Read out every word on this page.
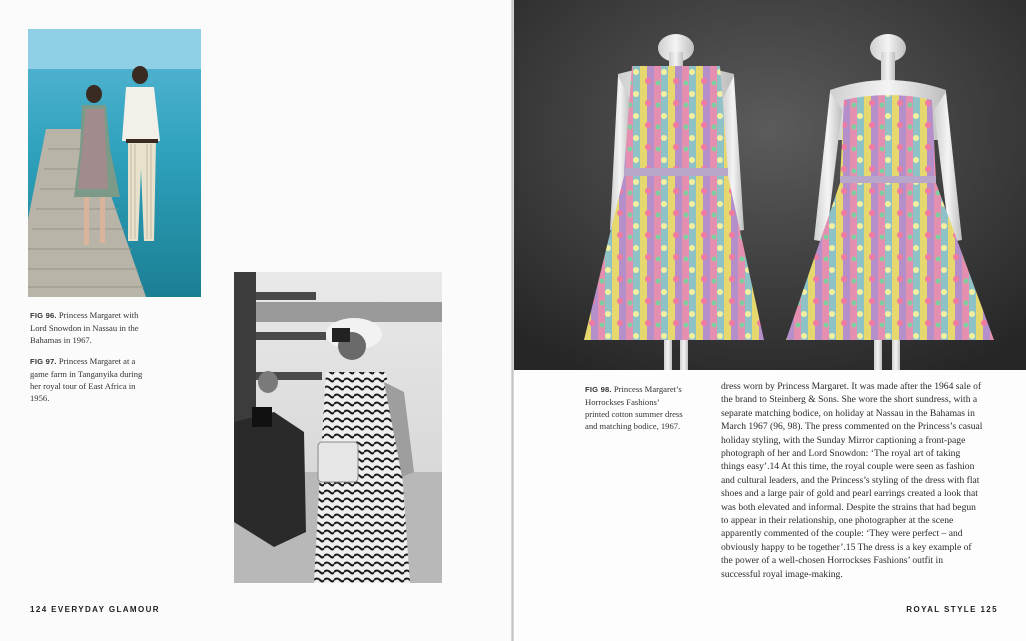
FIG 96. Princess Margaret with Lord Snowdon in Nassau in the Bahamas in 1967.

FIG 97. Princess Margaret at a game farm in Tanganyika during her royal tour of East Africa in 1956.

FIG 98. Princess Margaret’s Horrockses Fashions’ printed cotton summer dress and matching bodice, 1967.

dress worn by Princess Margaret. It was made after the 1964 sale of the brand to Steinberg & Sons. She wore the short sundress, with a separate matching bodice, on holiday at Nassau in the Bahamas in March 1967 (96, 98). The press commented on the Princess’s casual holiday styling, with the Sunday Mirror captioning a front-page photograph of her and Lord Snowdon: ‘The royal art of taking things easy’.14 At this time, the royal couple were seen as fashion and cultural leaders, and the Princess’s styling of the dress with flat shoes and a large pair of gold and pearl earrings created a look that was both elevated and informal. Despite the strains that had begun to appear in their relationship, one photographer at the scene apparently commented of the couple: ‘They were perfect – and obviously happy to be together’.15 The dress is a key example of the power of a well-chosen Horrockses Fashions’ outfit in successful royal image-making.

124 EVERYDAY GLAMOUR	ROYAL STYLE 125
